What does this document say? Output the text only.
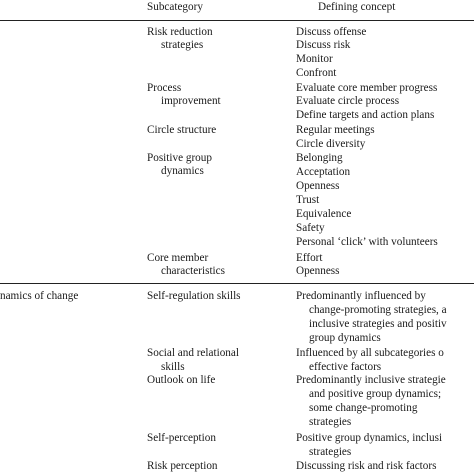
Subcategory	Defining concept
Risk reduction
strategies
Process
improvement
Circle structure
Positive group
dynamics
Core member
characteristics
Discuss offense
Discuss risk
Monitor
Confront
Evaluate core member progress
Evaluate circle process
Define targets and action plans
Regular meetings
Circle diversity
Belonging
Acceptation
Openness
Trust
Equivalence
Safety
Personal ‘click’ with volunteers
Effort
Openness
namics of change	Self-regulation skills
Social and relational
skills
Outlook on life
Self-perception
Risk perception
Predominantly influenced by
change-promoting strategies, a
inclusive strategies and positiv
group dynamics
Influenced by all subcategories o
effective factors
Predominantly inclusive strategie
and positive group dynamics;
some change-promoting
strategies
Positive group dynamics, inclusi
strategies
Discussing risk and risk factors
